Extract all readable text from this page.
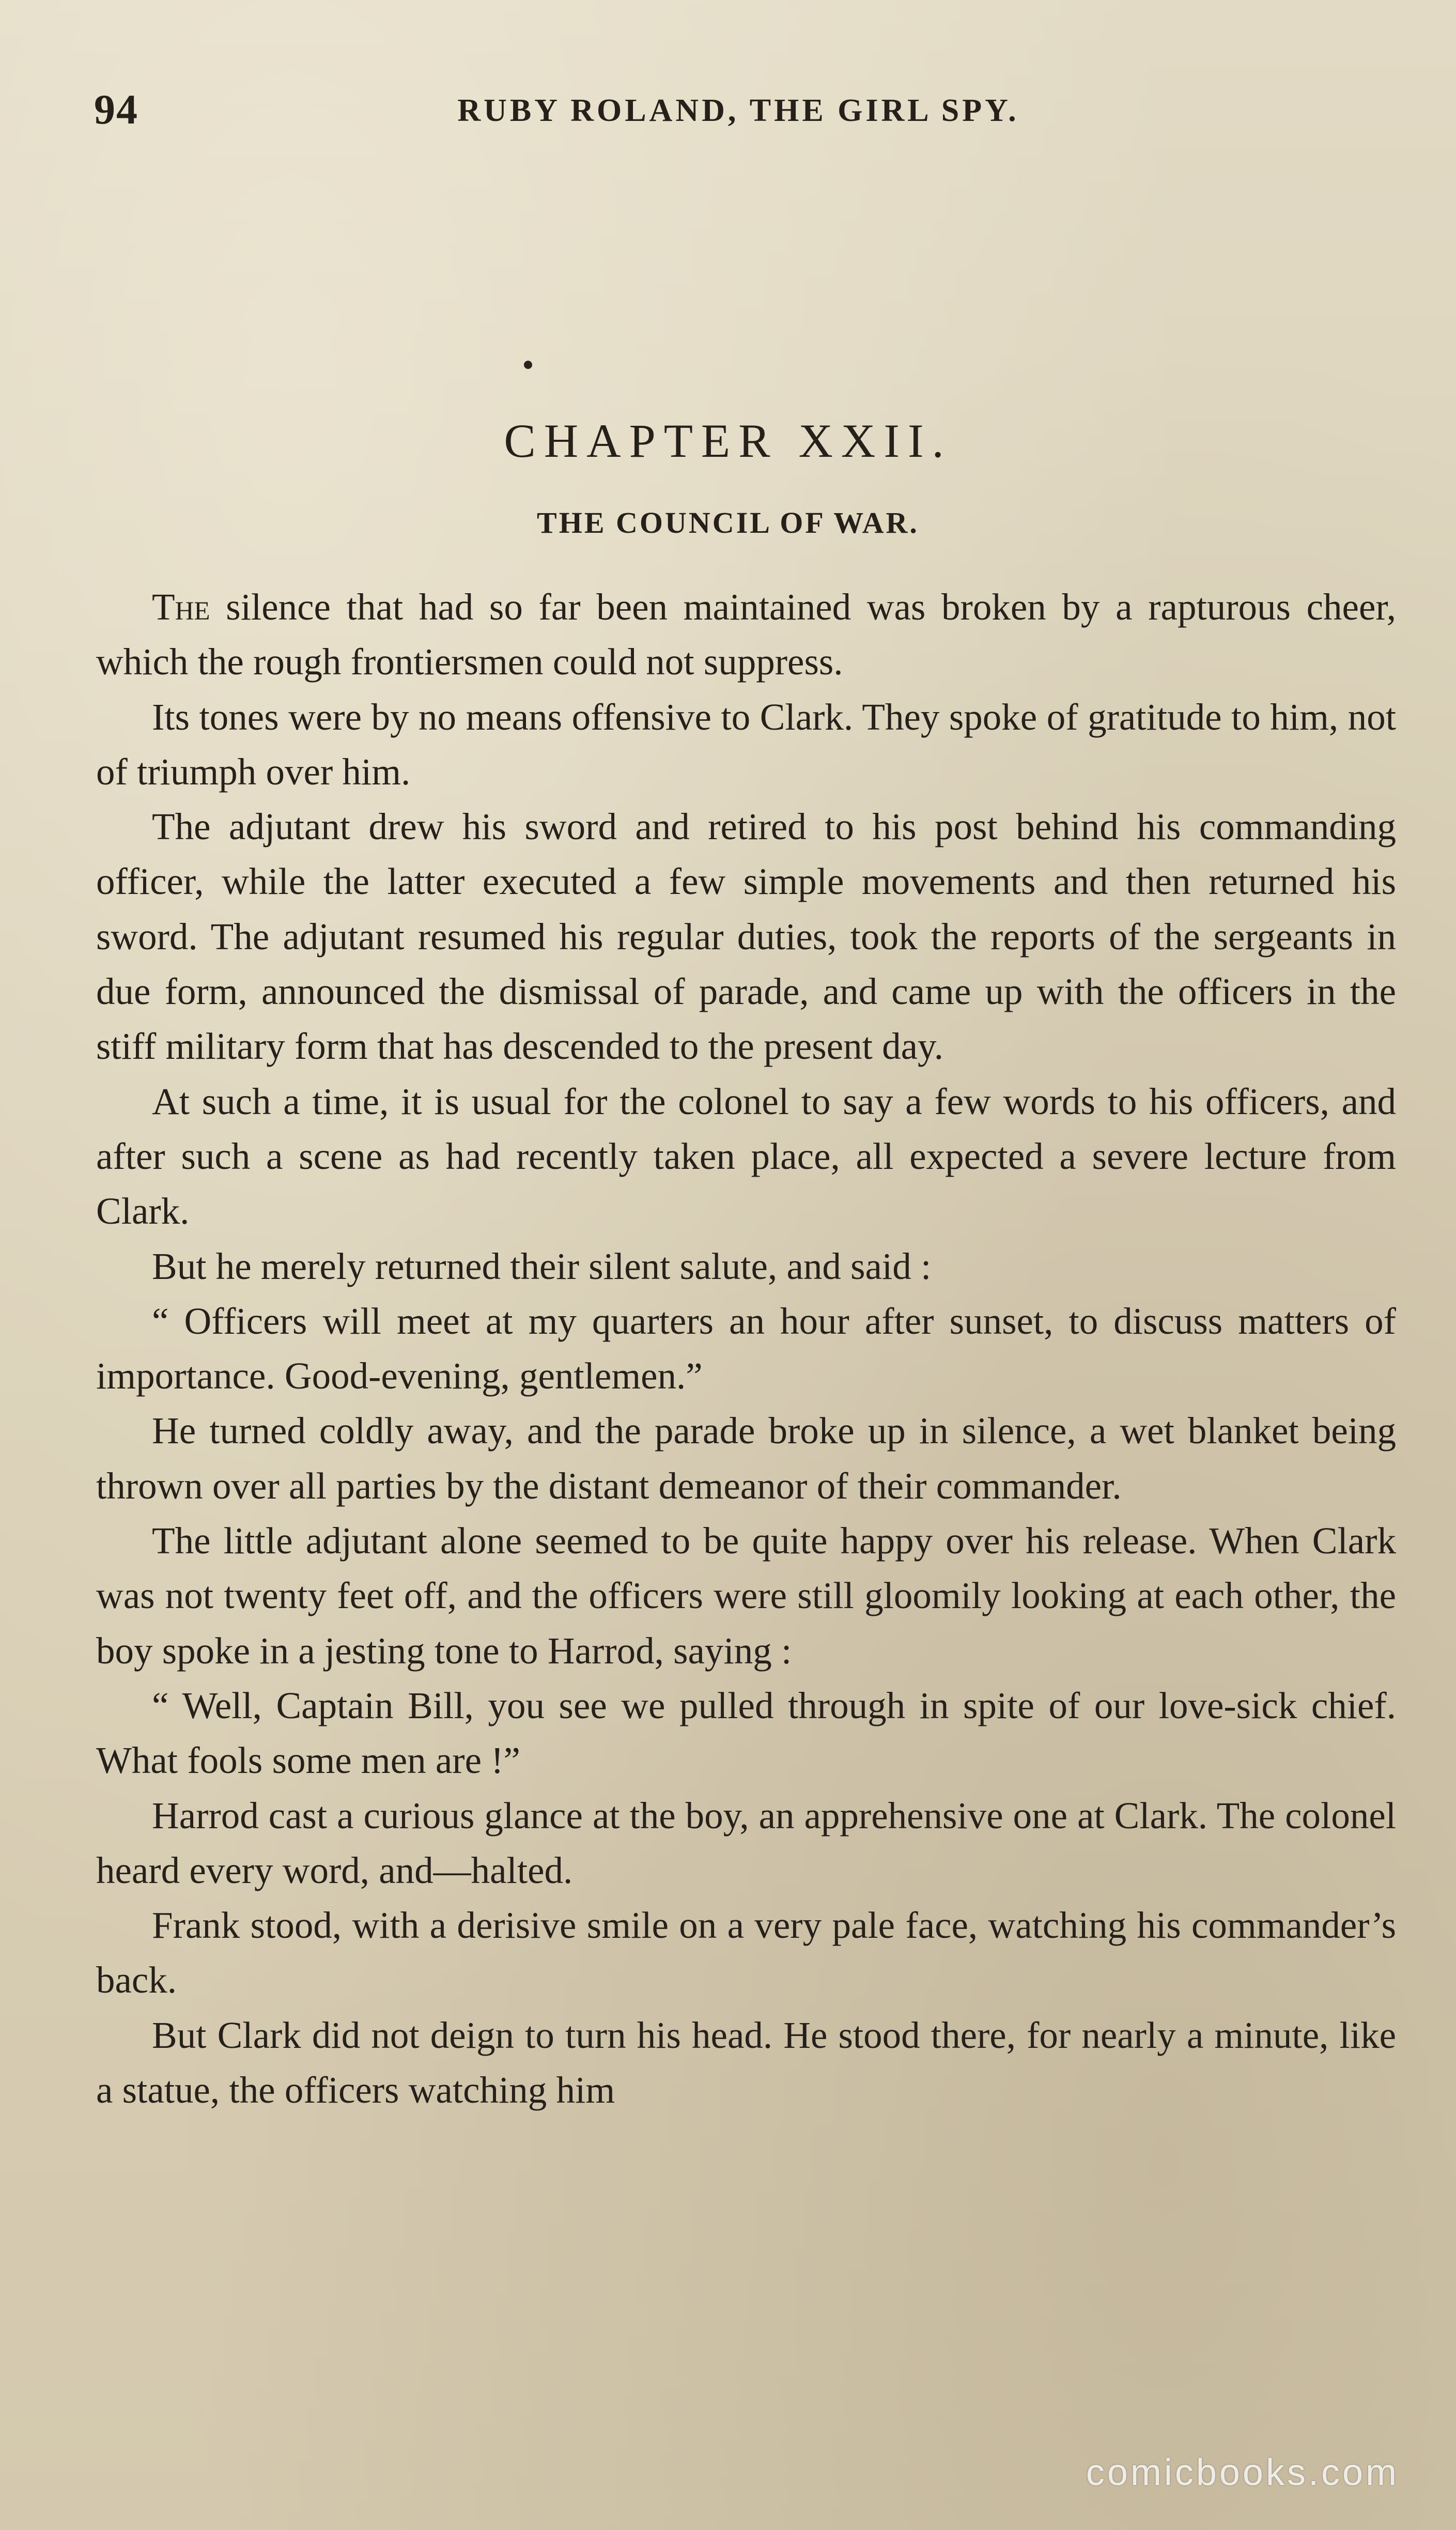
94	RUBY ROLAND, THE GIRL SPY.
CHAPTER XXII.
THE COUNCIL OF WAR.

The silence that had so far been maintained was broken by a rapturous cheer, which the rough frontiersmen could not suppress.

Its tones were by no means offensive to Clark. They spoke of gratitude to him, not of triumph over him.

The adjutant drew his sword and retired to his post behind his commanding officer, while the latter executed a few simple movements and then returned his sword. The adjutant resumed his regular duties, took the reports of the sergeants in due form, announced the dismissal of parade, and came up with the officers in the stiff military form that has descended to the present day.

At such a time, it is usual for the colonel to say a few words to his officers, and after such a scene as had recently taken place, all expected a severe lecture from Clark.

But he merely returned their silent salute, and said :

“ Officers will meet at my quarters an hour after sunset, to discuss matters of importance. Good-evening, gentlemen.”

He turned coldly away, and the parade broke up in silence, a wet blanket being thrown over all parties by the distant demeanor of their commander.

The little adjutant alone seemed to be quite happy over his release. When Clark was not twenty feet off, and the officers were still gloomily looking at each other, the boy spoke in a jesting tone to Harrod, saying :

“ Well, Captain Bill, you see we pulled through in spite of our love-sick chief. What fools some men are !”

Harrod cast a curious glance at the boy, an apprehensive one at Clark. The colonel heard every word, and—halted.

Frank stood, with a derisive smile on a very pale face, watching his commander’s back.

But Clark did not deign to turn his head. He stood there, for nearly a minute, like a statue, the officers watching him

comicbooks.com
